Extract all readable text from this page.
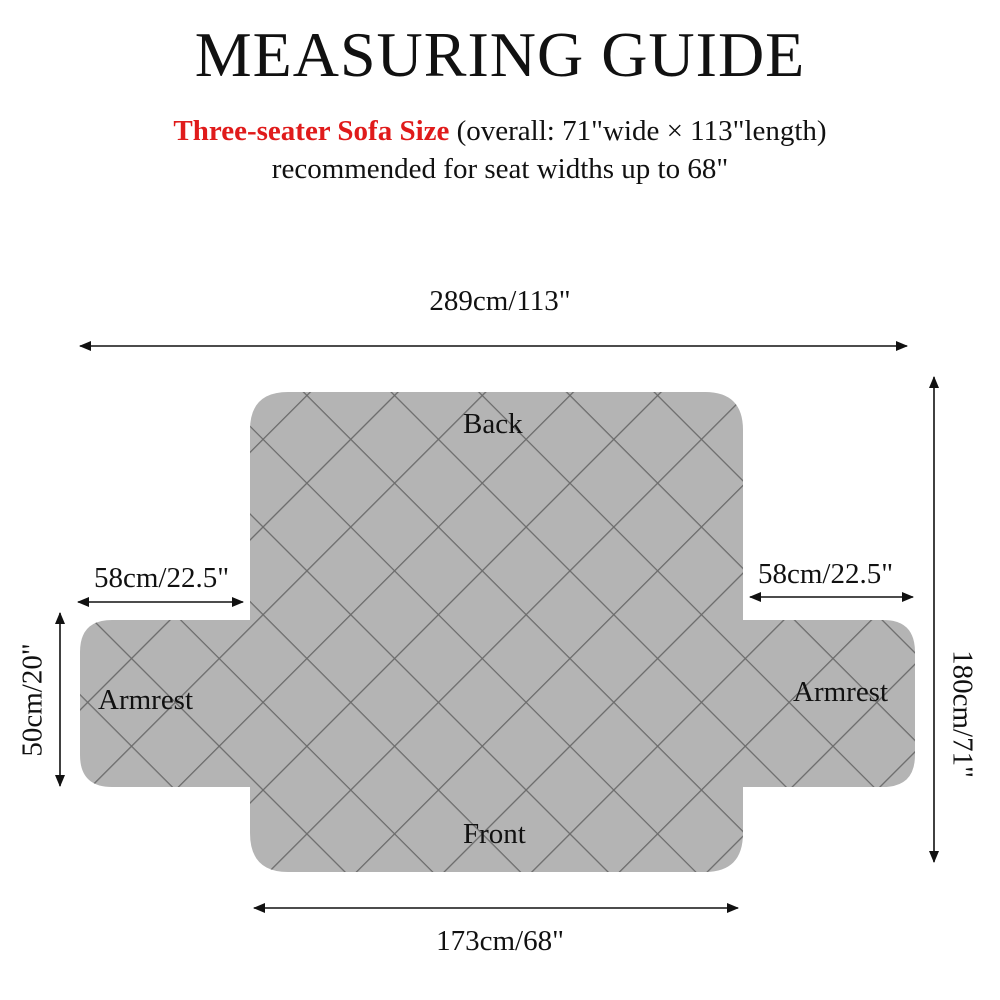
MEASURING GUIDE
Three-seater Sofa Size (overall: 71"wide × 113"length)
recommended for seat widths up to 68"
289cm/113"
58cm/22.5"	58cm/22.5"
173cm/68"
50cm/20"	180cm/71"
Back
Front
Armrest	Armrest
